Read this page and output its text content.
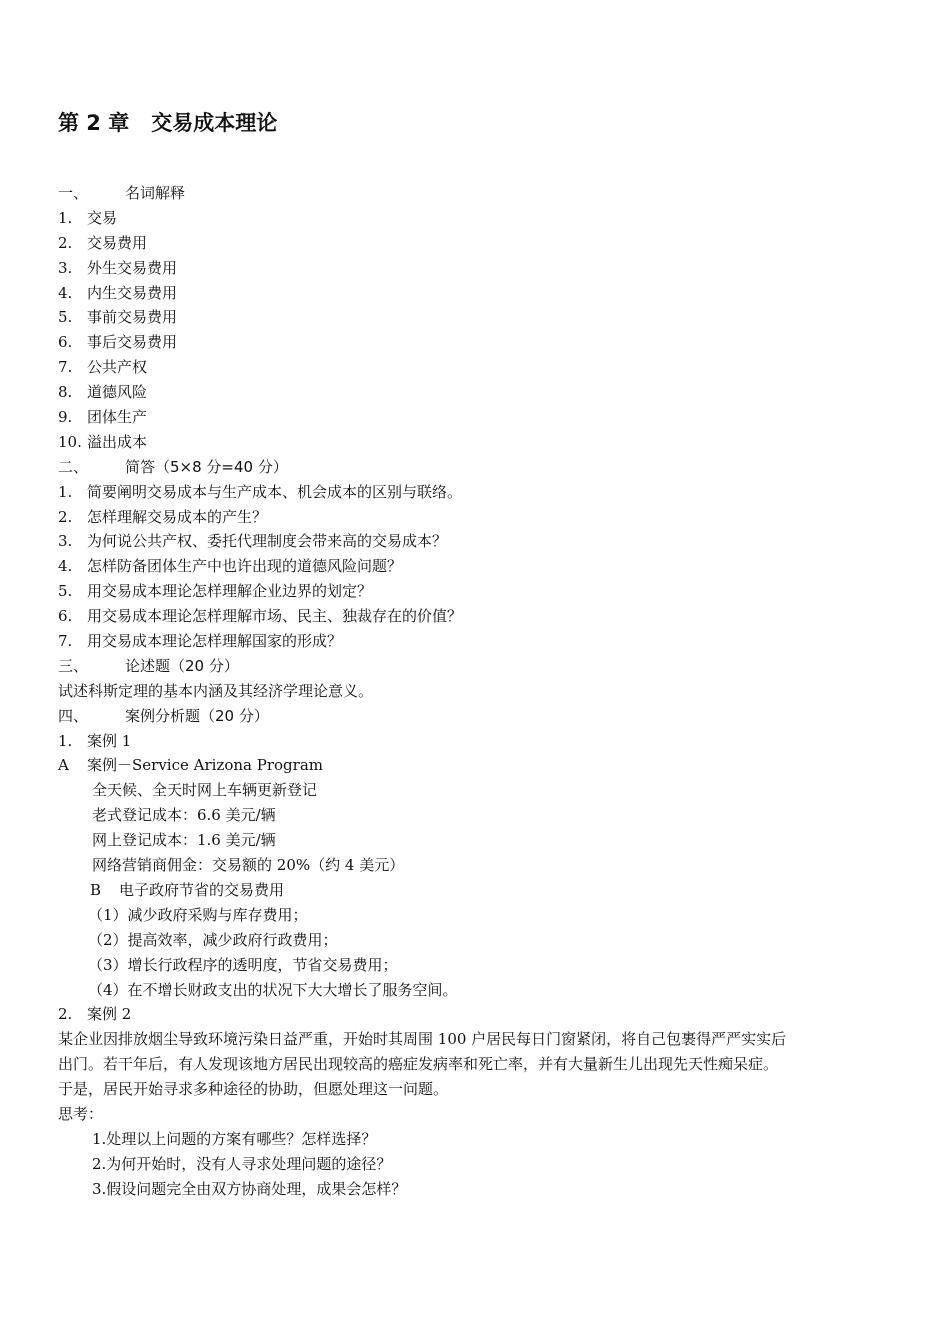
第 2 章 交易成本理论
一、 名词解释
1. 交易
2. 交易费用
3. 外生交易费用
4. 内生交易费用
5. 事前交易费用
6. 事后交易费用
7. 公共产权
8. 道德风险
9. 团体生产
10. 溢出成本
二、 简答（5×8 分=40 分）
1. 简要阐明交易成本与生产成本、机会成本的区别与联络。
2. 怎样理解交易成本的产生？
3. 为何说公共产权、委托代理制度会带来高的交易成本？
4. 怎样防备团体生产中也许出现的道德风险问题？
5. 用交易成本理论怎样理解企业边界的划定？
6. 用交易成本理论怎样理解市场、民主、独裁存在的价值？
7. 用交易成本理论怎样理解国家的形成？
三、 论述题（20 分）
试述科斯定理的基本内涵及其经济学理论意义。
四、 案例分析题（20 分）
1. 案例 1
A 案例－Service Arizona Program
全天候、全天时网上车辆更新登记
老式登记成本：6.6 美元/辆
网上登记成本：1.6 美元/辆
网络营销商佣金：交易额的 20%（约 4 美元）
B 电子政府节省的交易费用
（1）减少政府采购与库存费用；
（2）提高效率，减少政府行政费用；
（3）增长行政程序的透明度，节省交易费用；
（4）在不增长财政支出的状况下大大增长了服务空间。
2. 案例 2
某企业因排放烟尘导致环境污染日益严重，开始时其周围 100 户居民每日门窗紧闭，将自己包裹得严严实实后
出门。若干年后，有人发现该地方居民出现较高的癌症发病率和死亡率，并有大量新生儿出现先天性痴呆症。
于是，居民开始寻求多种途径的协助，但愿处理这一问题。
思考：
1.处理以上问题的方案有哪些？怎样选择？
2.为何开始时，没有人寻求处理问题的途径？
3.假设问题完全由双方协商处理，成果会怎样？
